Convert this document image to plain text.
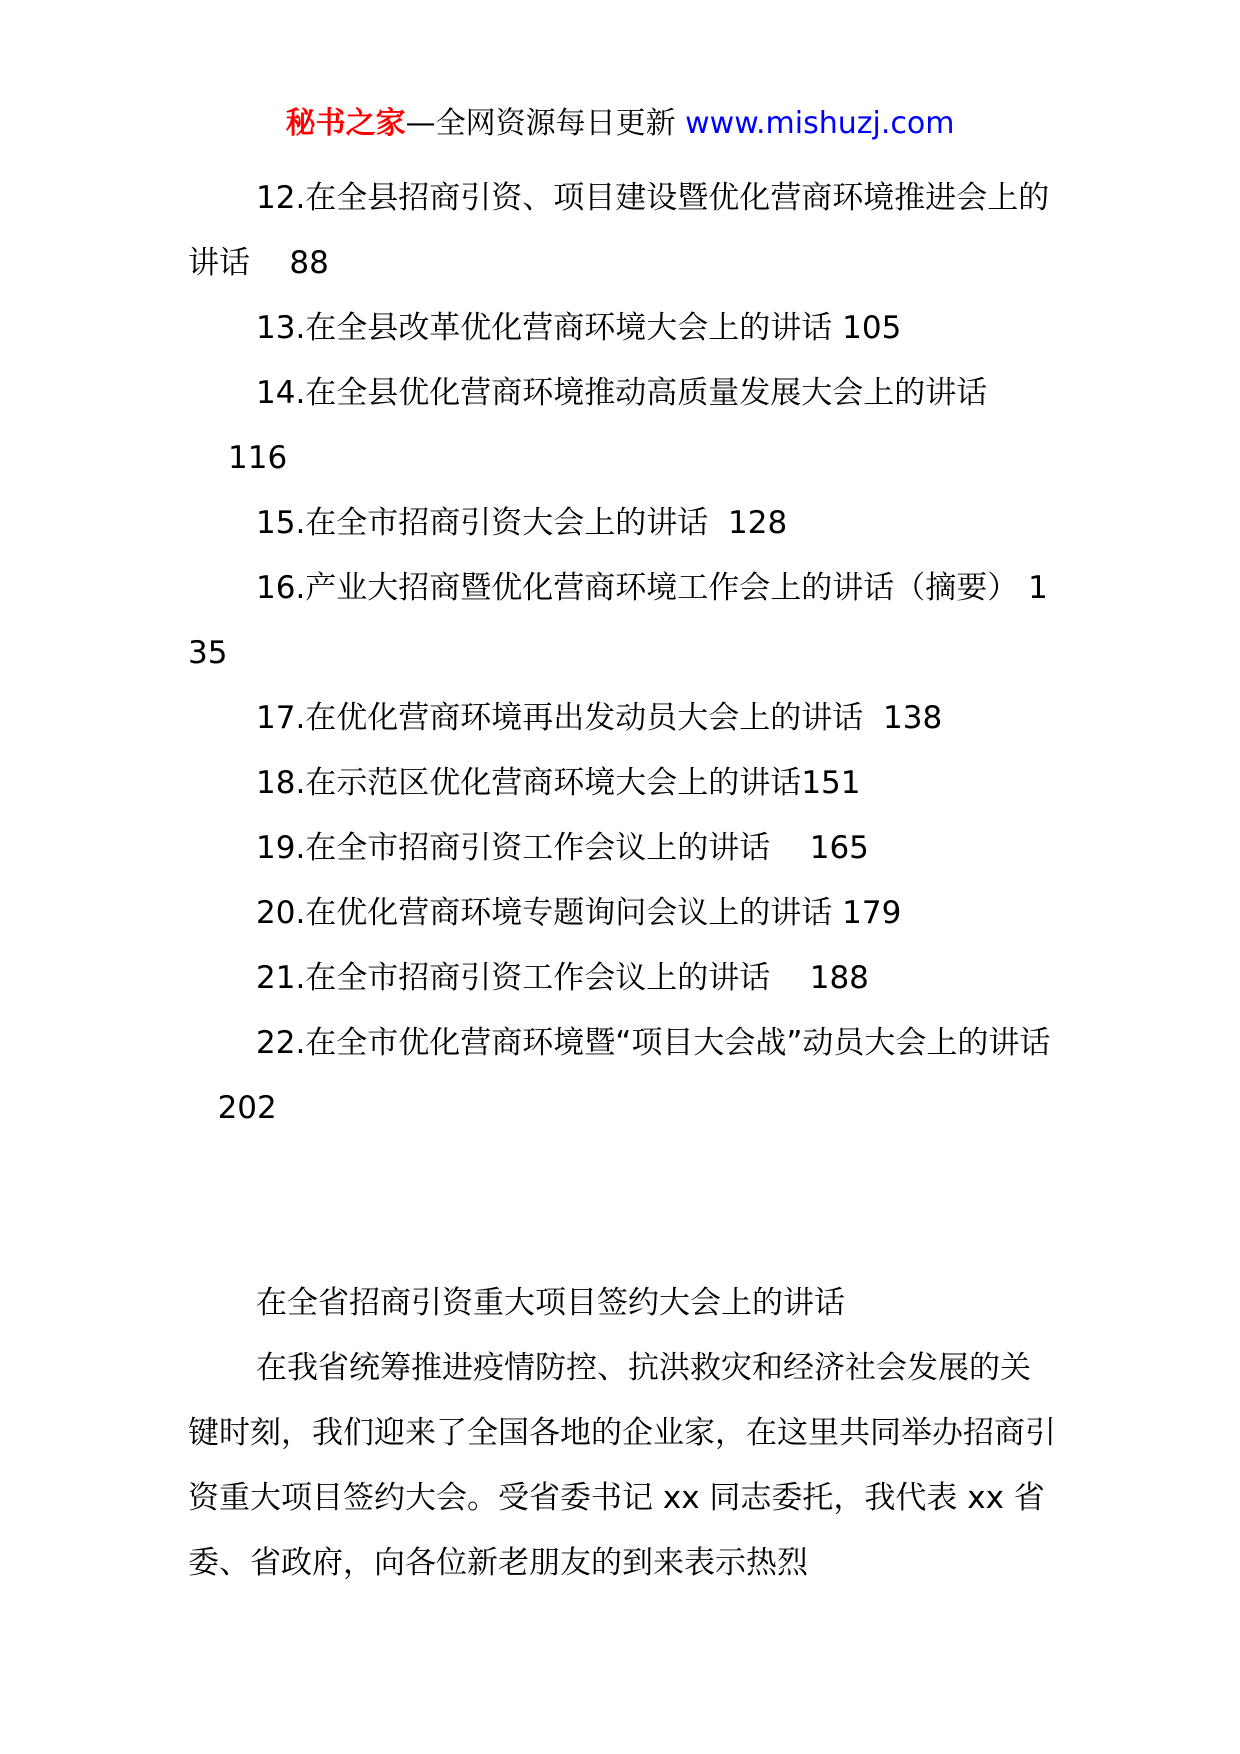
秘书之家—全网资源每日更新 www.mishuzj.com

12.在全县招商引资、项目建设暨优化营商环境推进会上的讲话 88

13.在全县改革优化营商环境大会上的讲话 105

14.在全县优化营商环境推动高质量发展大会上的讲话
116

15.在全市招商引资大会上的讲话 128

16.产业大招商暨优化营商环境工作会上的讲话（摘要） 135

17.在优化营商环境再出发动员大会上的讲话 138

18.在示范区优化营商环境大会上的讲话151

19.在全市招商引资工作会议上的讲话 165

20.在优化营商环境专题询问会议上的讲话 179

21.在全市招商引资工作会议上的讲话 188

22.在全市优化营商环境暨“项目大会战”动员大会上的讲话   202

在全省招商引资重大项目签约大会上的讲话

在我省统筹推进疫情防控、抗洪救灾和经济社会发展的关键时刻，我们迎来了全国各地的企业家，在这里共同举办招商引资重大项目签约大会。受省委书记 xx 同志委托，我代表 xx 省委、省政府，向各位新老朋友的到来表示热烈
